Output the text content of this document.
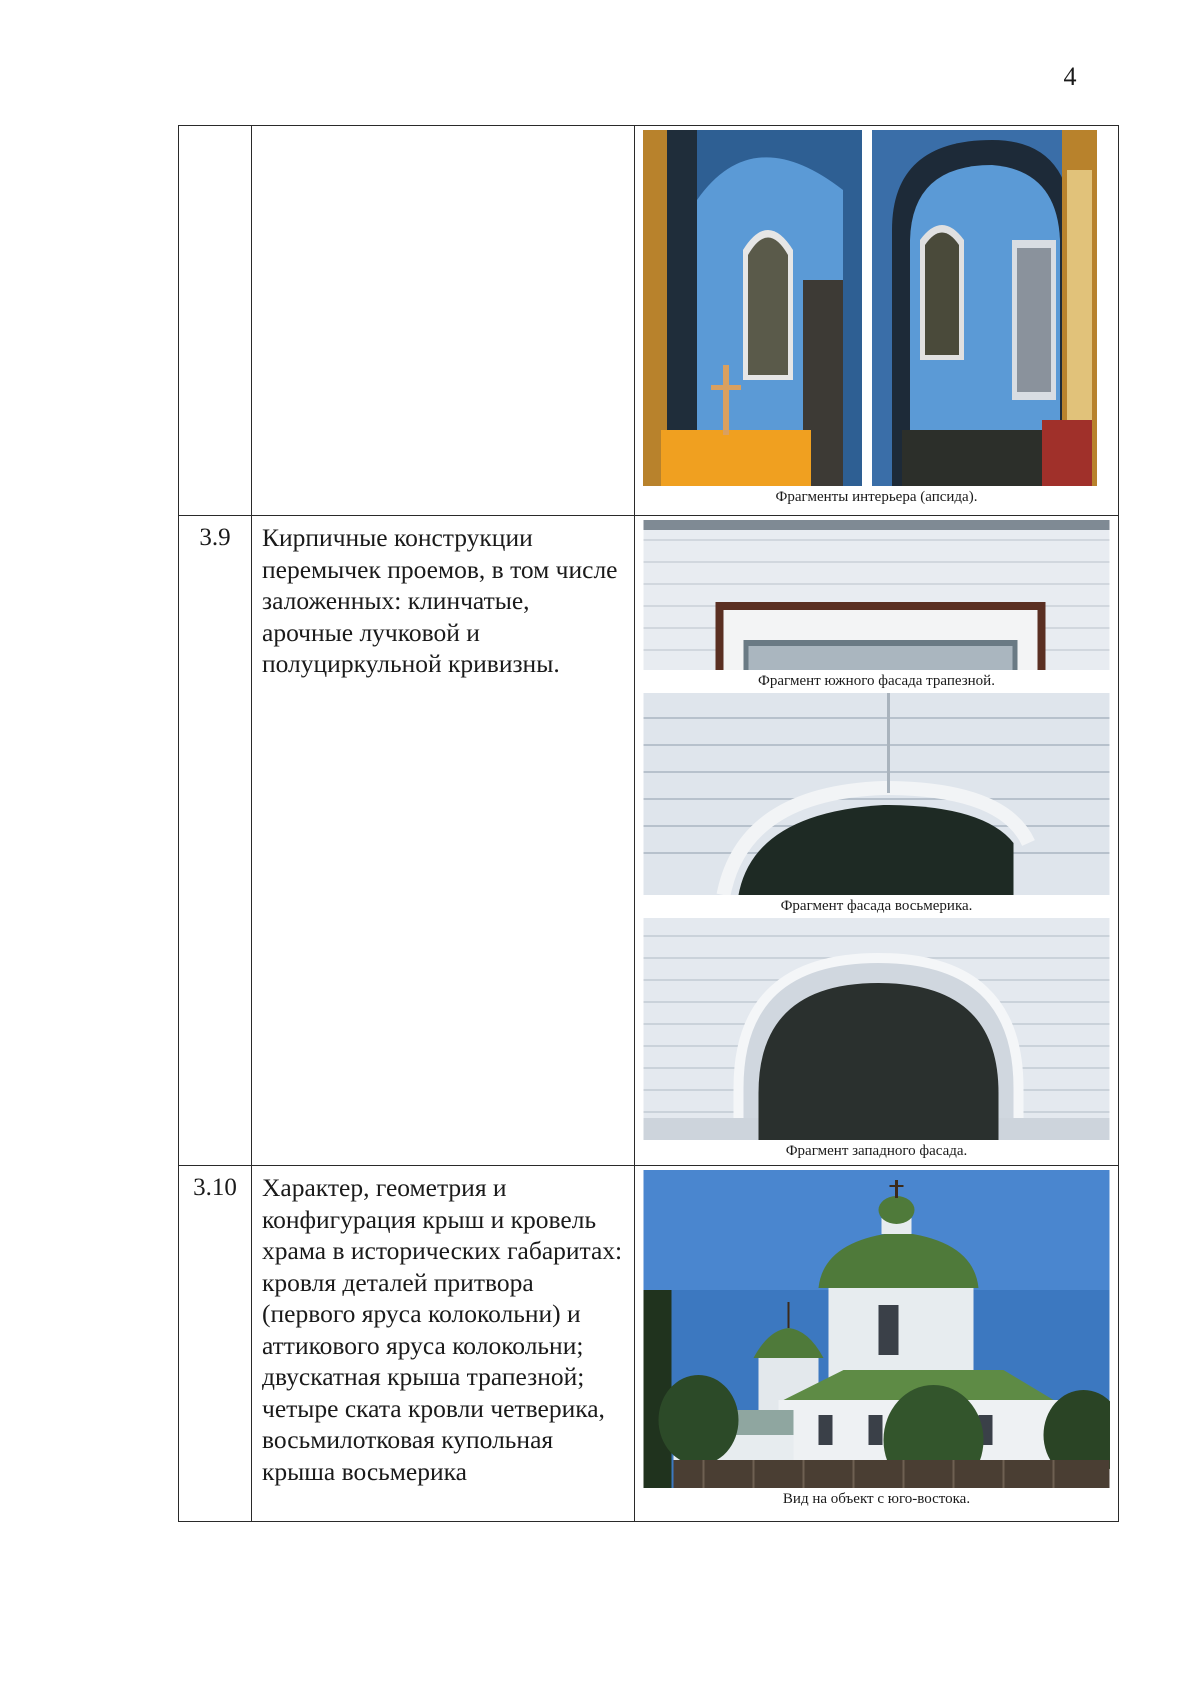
4

		Фрагменты интерьера (апсида).

3.9	Кирпичные конструкции перемычек проемов, в том числе заложенных: клинчатые, арочные лучковой и полуциркульной кривизны.	Фрагмент южного фасада трапезной.
Фрагмент фасада восьмерика.
Фрагмент западного фасада.

3.10	Характер, геометрия и конфигурация крыш и кровель храма в исторических габаритах: кровля деталей притвора (первого яруса колокольни) и аттикового яруса колокольни; двускатная крыша трапезной; четыре ската кровли четверика, восьмилотковая купольная крыша восьмерика	Вид на объект с юго-востока.
